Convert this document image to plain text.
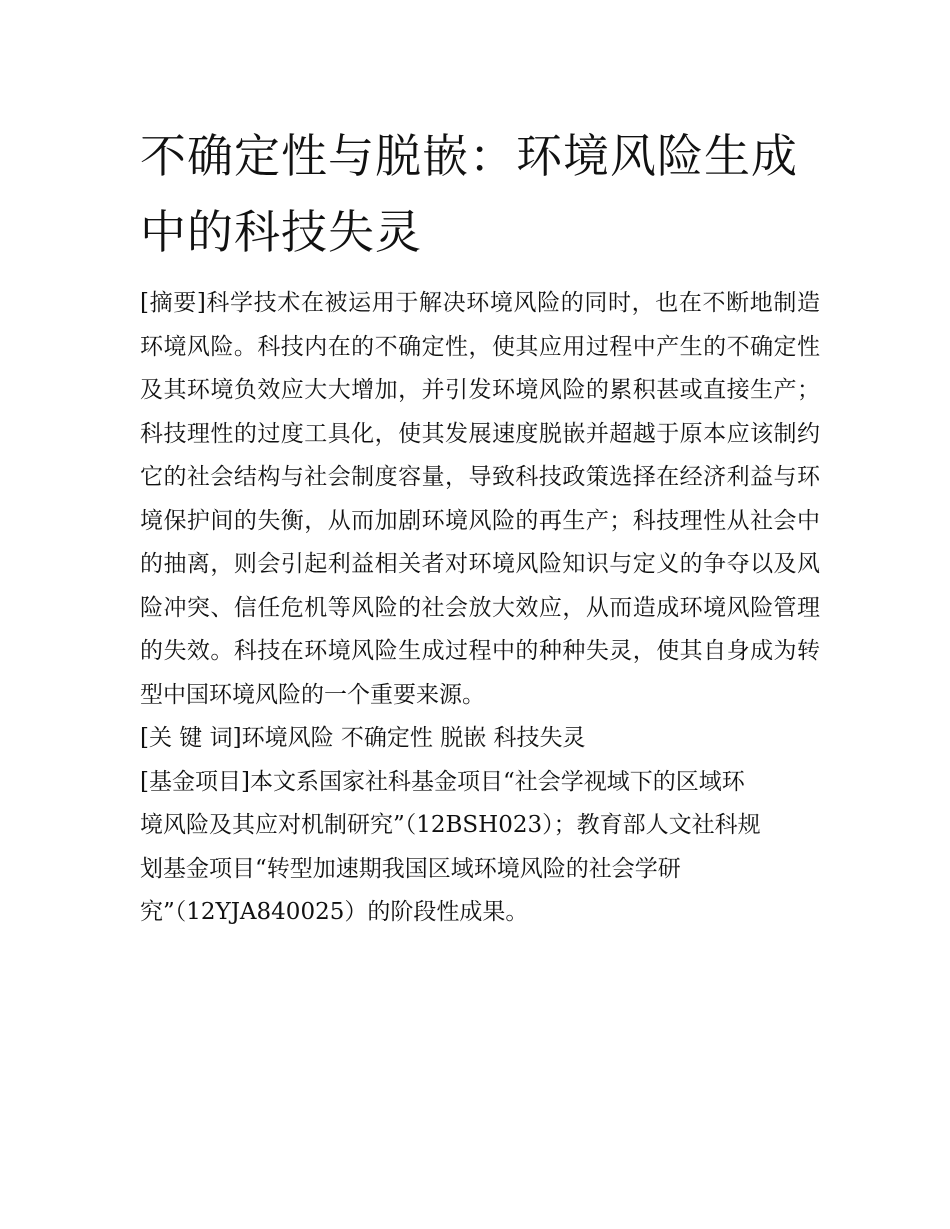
不确定性与脱嵌：环境风险生成中的科技失灵

[摘要]科学技术在被运用于解决环境风险的同时，也在不断地制造环境风险。科技内在的不确定性，使其应用过程中产生的不确定性及其环境负效应大大增加，并引发环境风险的累积甚或直接生产；科技理性的过度工具化，使其发展速度脱嵌并超越于原本应该制约它的社会结构与社会制度容量，导致科技政策选择在经济利益与环境保护间的失衡，从而加剧环境风险的再生产；科技理性从社会中的抽离，则会引起利益相关者对环境风险知识与定义的争夺以及风险冲突、信任危机等风险的社会放大效应，从而造成环境风险管理的失效。科技在环境风险生成过程中的种种失灵，使其自身成为转型中国环境风险的一个重要来源。

[关 键 词]环境风险 不确定性 脱嵌 科技失灵

[基金项目]本文系国家社科基金项目“社会学视域下的区域环
境风险及其应对机制研究”（12BSH023）；教育部人文社科规
划基金项目“转型加速期我国区域环境风险的社会学研
究”（12YJA840025）的阶段性成果。
